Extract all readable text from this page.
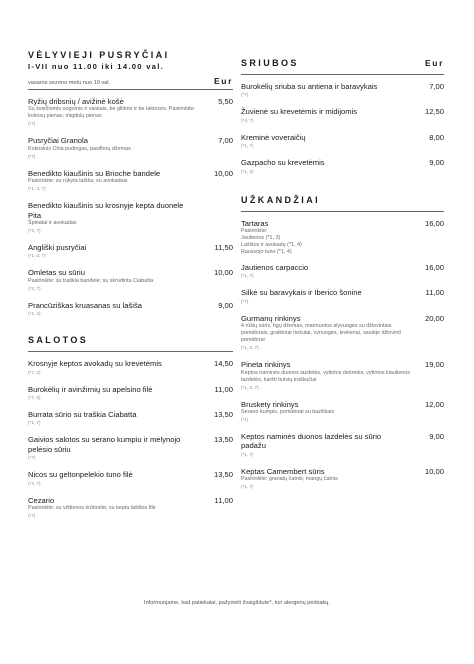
VĖLYVIEJI PUSRYČIAI
I-VII nuo 11.00 iki 14.00 val.
vasaros sezono metu nuo 10 val.	Eur
Ryžių dribsnių / avižinė košė	5,50
Su šviežiomis uogomis ir vaisiais, be glitimo ir be laktozės. Pasirinkite: kokosų pienas; migdolų pienas
(*7)
Pusryčiai Granola	7,00
Kokosinis Chia pudingas, pasiflorų džemas
(*7)
Benedikto kiaušinis su Brioche bandele	10,00
Pasirinkite: su rūkyta lašiša; su avokadais
(*1, 3, 7)
Benedikto kiaušinis su krosnyje kepta duonele Pita
Špinatai ir avokadas
(*3, 7)
Angliški pusryčiai	11,50
(*1, 3, 7)
Omletas su sūriu	10,00
Pasirinkite: su traškia bandele; su skrudinta Ciabatta
(*3, 7)
Prancūziškas kruasanas su lašiša	9,00
(*1, 4)
SALOTOS
Krosnyje keptos avokadų su krevetėmis	14,50
(*7, 2)
Burokėlių ir avinžirnių su apelsino filė	11,00
(*7, 8)
Burrata sūrio su traškia Ciabatta	13,50
(*1, 7)
Gaivios salotos su serano kumpiu ir mėlynojo pelėsio sūriu
13,50
(*7)
Nicos su geltonpelekio tuno filė	13,50
(*4, 7)
Cezario	11,00
Pasirinkite: su vištienos krūtinėle; su kepta lašišos filė
(*7)
SRIUBOS	Eur
Burokėlių sriuba su antiena ir baravykais	7,00
(*7)
Žuvienė su krevetėmis ir midijomis	12,50
(*4, 7)
Kreminė voveraičių	8,00
(*1, 7)
Gazpacho su krevetėmis	9,00
(*1, 2)
UŽKANDŽIAI
Tartaras	16,00
Pasirinkite:
Jautienos (*1, 3)
Lašišos ir avokadų (*1, 4)
Rausvojo tuno (*1, 4)
Jautienos carpaccio	16,00
(*1, 7)
Silkė su baravykais ir Iberico šonine	11,00
(*7)
Gurmanų rinkinys	20,00
4 rūšių sūris, figų džemas, marinuotos alyvuogės su džiovintais pomidorais, graikiniai riešutai, vynuogės, krekeriai, saulėje džiovinti pomidorai
(*1, 3, 7)
Pineta rinkinys	19,00
Keptos naminės duonos lazdelės, vytintos dešrelės, vytintos kiaulienos lazdelės, karšti bulvių traškučiai
(*1, 3, 7)
Bruskety rinkinys	12,00
Serano kumpis, pomidorai su bazilikais
(*1)
Keptos naminės duonos lazdelės su sūrio padažu
9,00
(*1, 7)
Keptas Camembert sūris	10,00
Pasirinkite: granatų čatnis; mangų čatnis
(*1, 7)
Informuojame, kad patiekalai, pažymėti žvaigždute*, turi alergenų pėdsakų.
